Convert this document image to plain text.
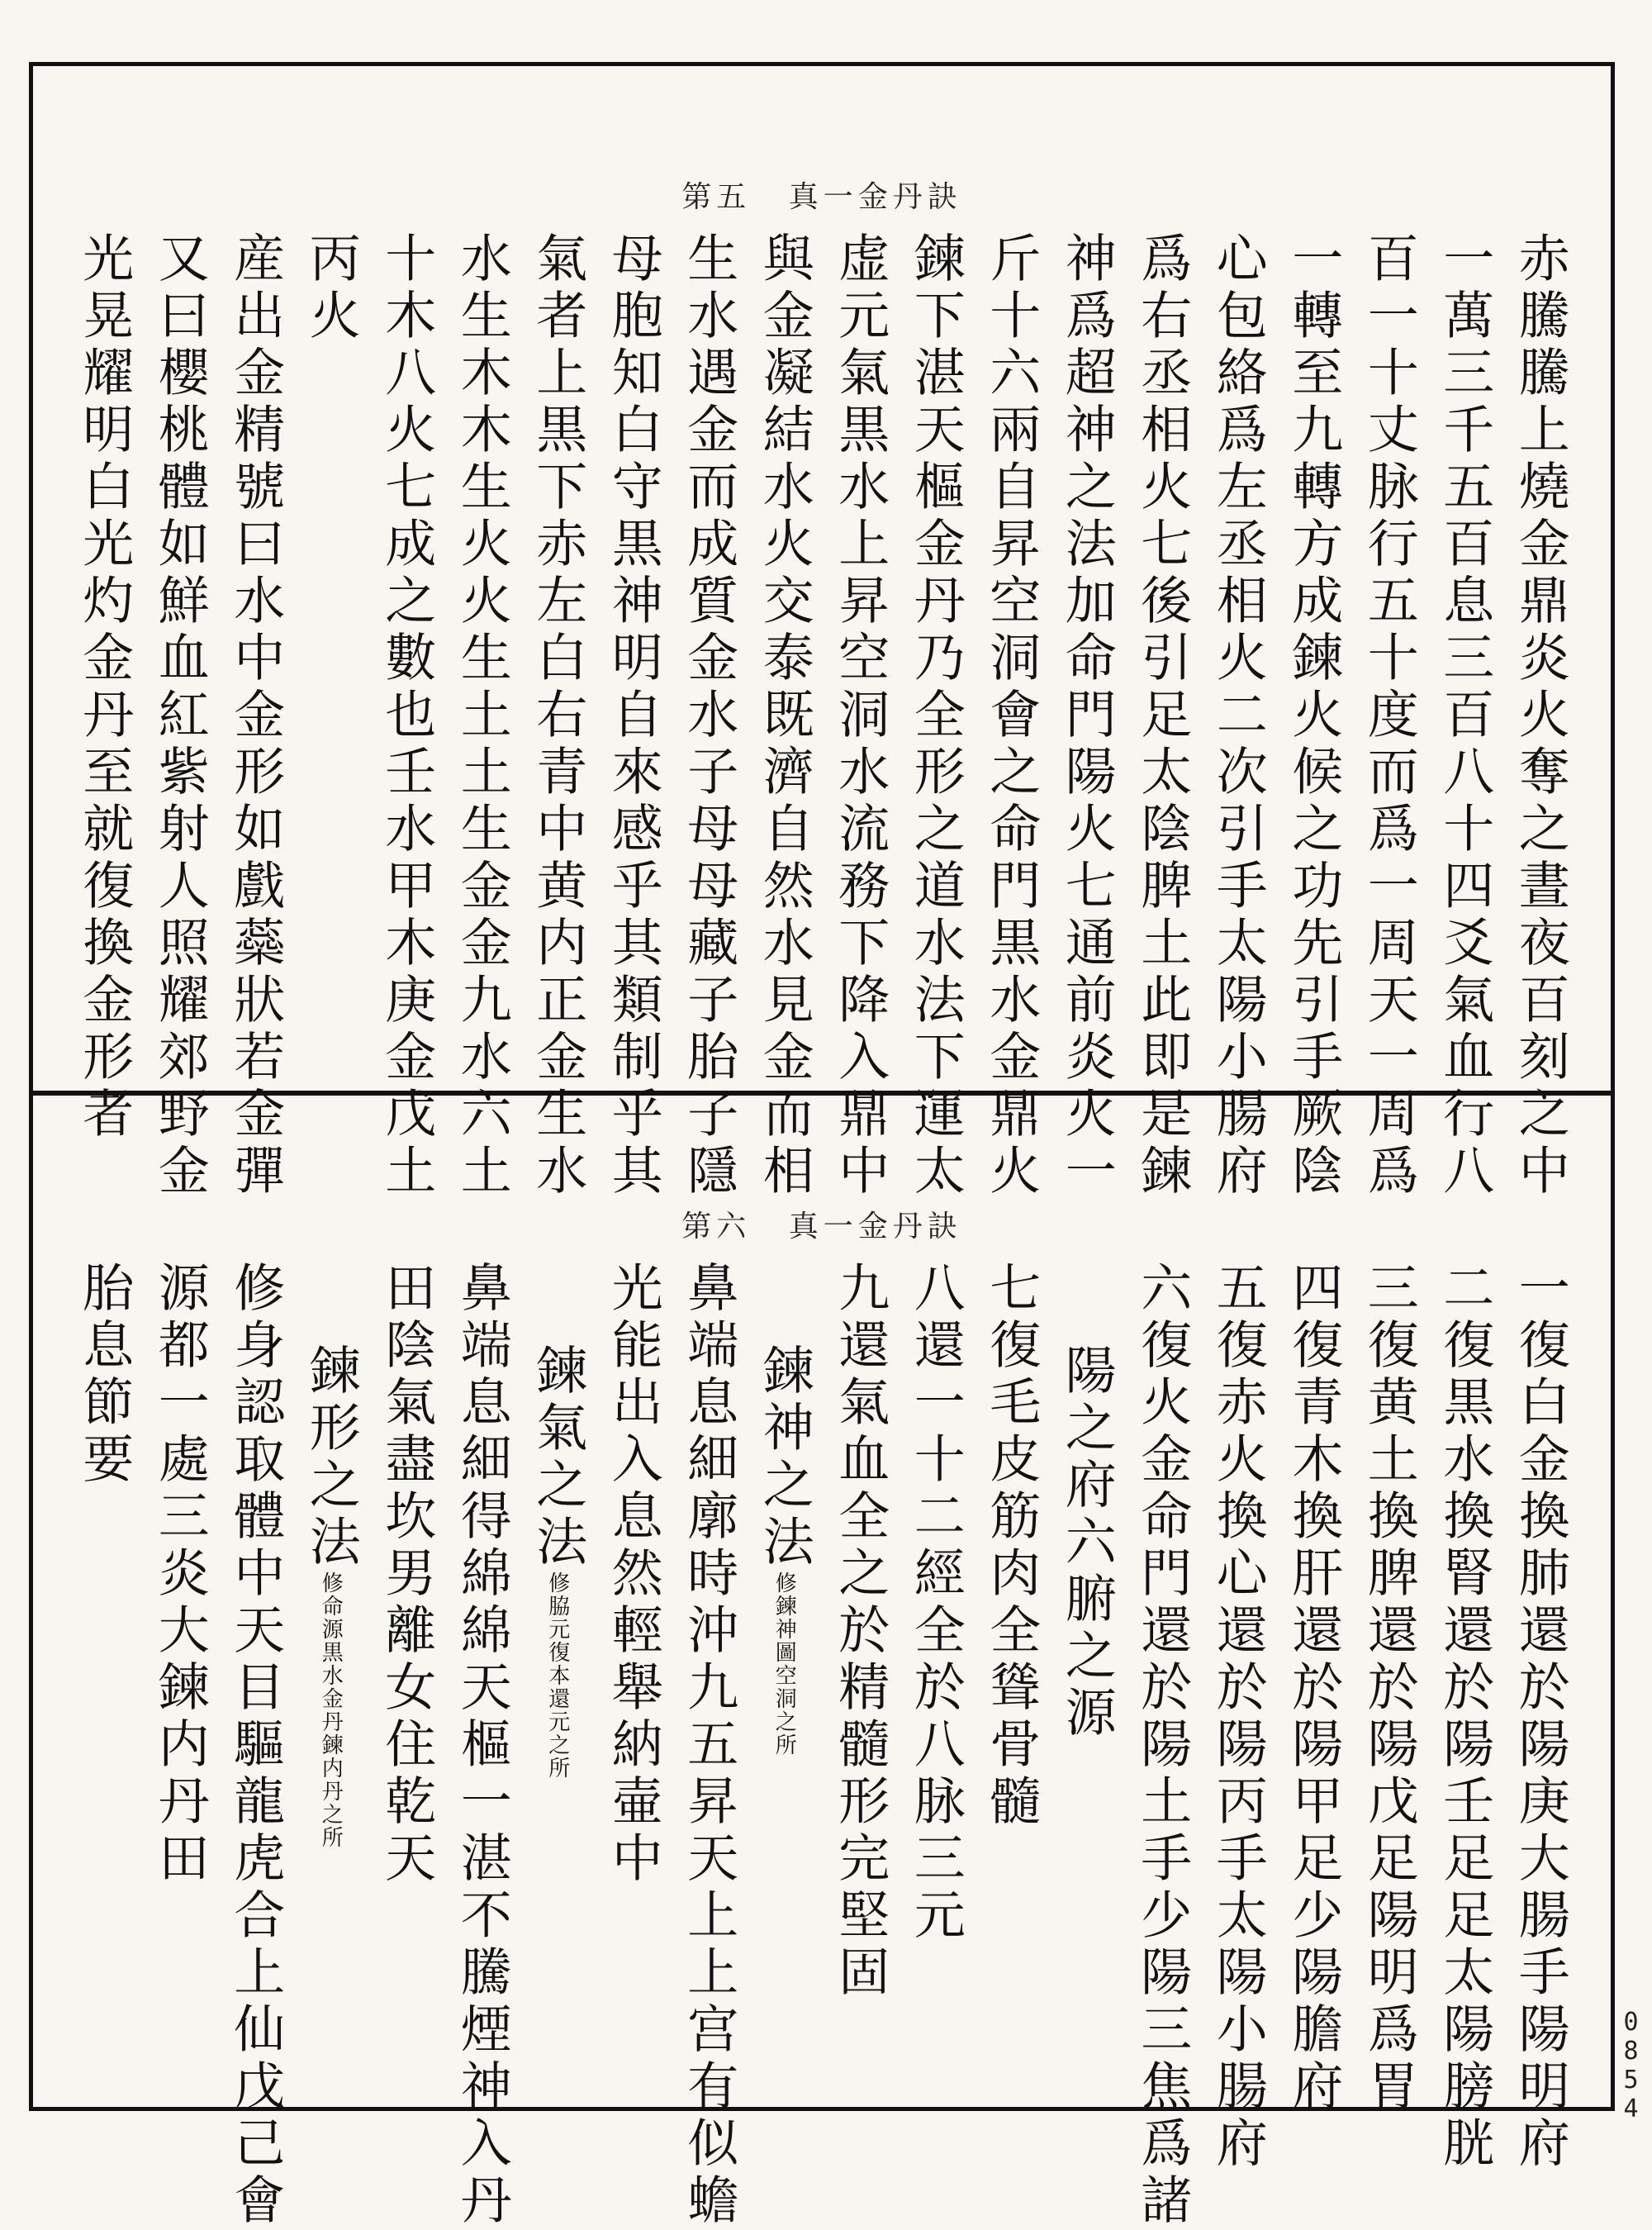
第五 真一金丹訣
赤騰騰上燒金鼎炎火奪之晝夜百刻之中
一萬三千五百息三百八十四爻氣血行八
百一十丈脉行五十度而爲一周天一周爲
一轉至九轉方成鍊火候之功先引手厥陰
心包絡爲左丞相火二次引手太陽小腸府
爲右丞相火七後引足太陰脾土此即是鍊
神爲超神之法加命門陽火七通前炎火一
斤十六兩自昇空洞會之命門黒水金鼎火
鍊下湛天樞金丹乃全形之道水法下運太
虚元氣黒水上昇空洞水流務下降入鼎中
與金凝結水火交泰既濟自然水見金而相
生水遇金而成質金水子母母藏子胎子隱
母胞知白守黒神明自來感乎其類制乎其
氣者上黒下赤左白右青中黄内正金生水
水生木木生火火生土土生金金九水六土
十木八火七成之數也壬水甲木庚金戊土
丙火
産出金精號曰水中金形如戲蘂狀若金彈
又曰櫻桃體如鮮血紅紫射人照耀郊野金
光晃耀明白光灼金丹至就復換金形者
第六 真一金丹訣
一復白金換肺還於陽庚大腸手陽明府
二復黒水換腎還於陽壬足足太陽膀胱
三復黄土換脾還於陽戊足陽明爲胃
四復青木換肝還於陽甲足少陽膽府
五復赤火換心還於陽丙手太陽小腸府
六復火金命門還於陽土手少陽三焦爲諸
陽之府六腑之源
七復毛皮筋肉全聳骨髓
八還一十二經全於八脉三元
九還氣血全之於精髓形完堅固
鍊神之法修鍊神圖空洞之所
鼻端息細廓時沖九五昇天上上宫有似蟾
光能出入息然輕舉納壷中
鍊氣之法修脇元復本還元之所
鼻端息細得綿綿天樞一湛不騰煙神入丹
田陰氣盡坎男離女住乾天
鍊形之法修命源黒水金丹鍊内丹之所
修身認取體中天目驅龍虎合上仙戊己會
源都一處三炎大鍊内丹田
胎息節要
0854
